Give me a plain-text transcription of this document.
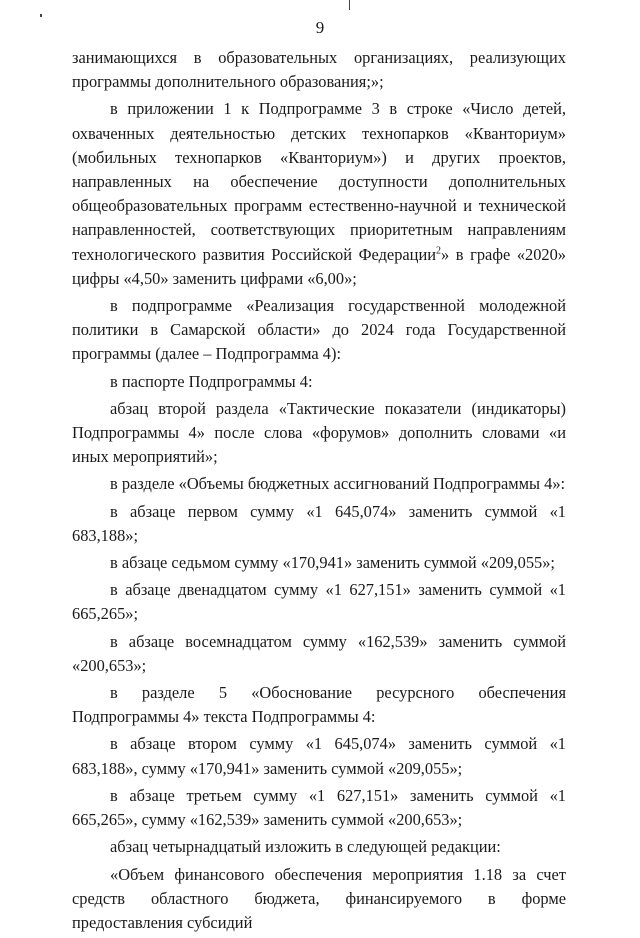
9

занимающихся в образовательных организациях, реализующих программы дополнительного образования;»;

в приложении 1 к Подпрограмме 3 в строке «Число детей, охваченных деятельностью детских технопарков «Кванториум» (мобильных технопарков «Кванториум») и других проектов, направленных на обеспечение доступности дополнительных общеобразовательных программ естественно-научной и технической направленностей, соответствующих приоритетным направлениям технологического развития Российской Федерации$^2$» в графе «2020» цифры «4,50» заменить цифрами «6,00»;

в подпрограмме «Реализация государственной молодежной политики в Самарской области» до 2024 года Государственной программы (далее – Подпрограмма 4):

в паспорте Подпрограммы 4:

абзац второй раздела «Тактические показатели (индикаторы) Подпрограммы 4» после слова «форумов» дополнить словами «и иных мероприятий»;

в разделе «Объемы бюджетных ассигнований Подпрограммы 4»:

в абзаце первом сумму «1 645,074» заменить суммой «1 683,188»;

в абзаце седьмом сумму «170,941» заменить суммой «209,055»;

в абзаце двенадцатом сумму «1 627,151» заменить суммой «1 665,265»;

в абзаце восемнадцатом сумму «162,539» заменить суммой «200,653»;

в разделе 5 «Обоснование ресурсного обеспечения Подпрограммы 4» текста Подпрограммы 4:

в абзаце втором сумму «1 645,074» заменить суммой «1 683,188», сумму «170,941» заменить суммой «209,055»;

в абзаце третьем сумму «1 627,151» заменить суммой «1 665,265», сумму «162,539» заменить суммой «200,653»;

абзац четырнадцатый изложить в следующей редакции:

«Объем финансового обеспечения мероприятия 1.18 за счет средств областного бюджета, финансируемого в форме предоставления субсидий
